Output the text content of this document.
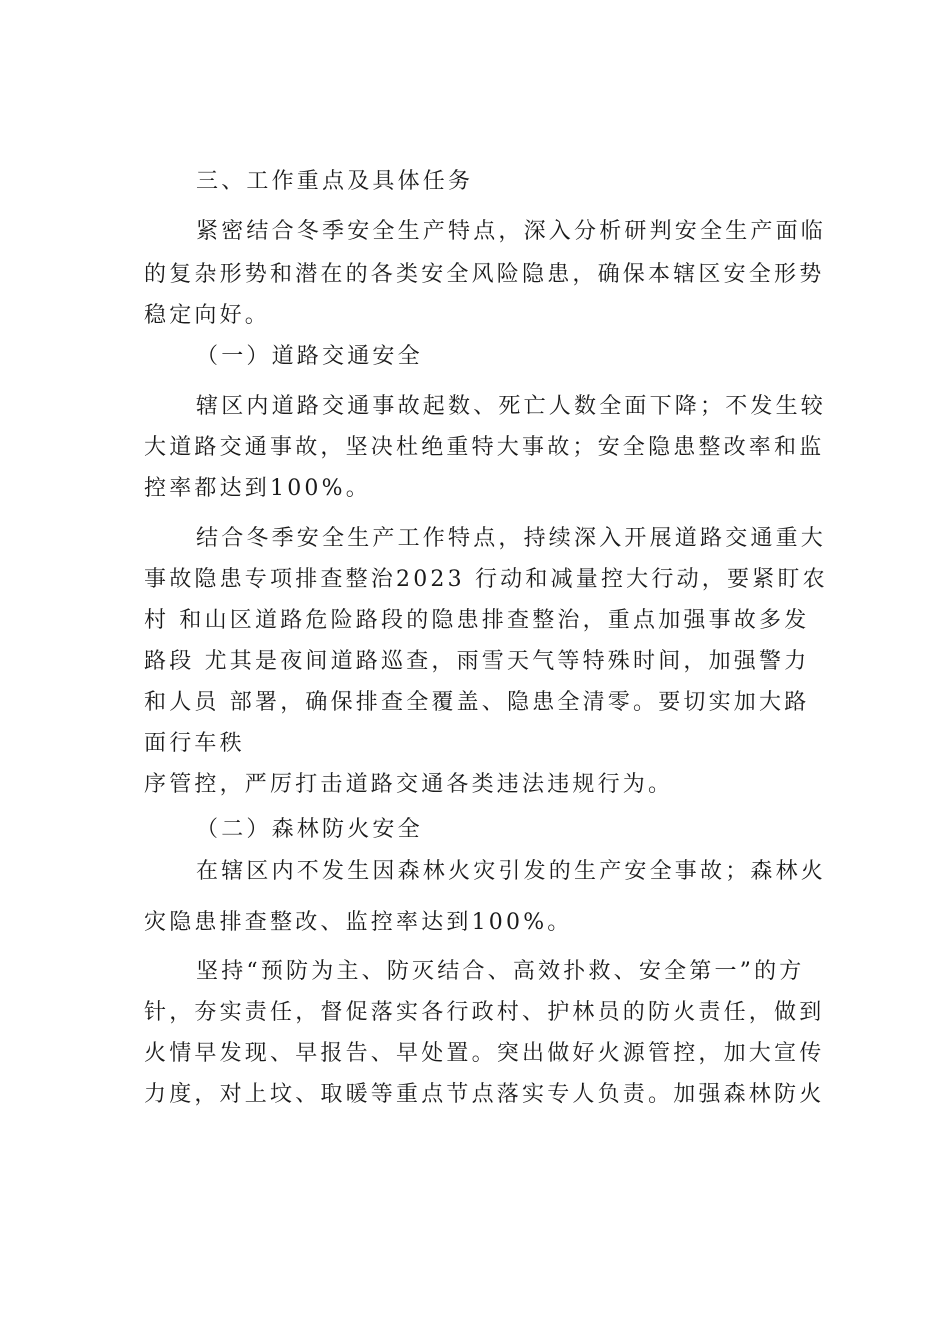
三、工作重点及具体任务
紧密结合冬季安全生产特点，深入分析研判安全生产面临
的复杂形势和潜在的各类安全风险隐患，确保本辖区安全形势
稳定向好。
（一）道路交通安全
辖区内道路交通事故起数、死亡人数全面下降；不发生较
大道路交通事故，坚决杜绝重特大事故；安全隐患整改率和监
控率都达到100%。
结合冬季安全生产工作特点，持续深入开展道路交通重大
事故隐患专项排查整治2023 行动和减量控大行动，要紧盯农
村 和山区道路危险路段的隐患排查整治，重点加强事故多发
路段 尤其是夜间道路巡查，雨雪天气等特殊时间，加强警力
和人员 部署，确保排查全覆盖、隐患全清零。要切实加大路
面行车秩
序管控，严厉打击道路交通各类违法违规行为。
（二）森林防火安全
在辖区内不发生因森林火灾引发的生产安全事故；森林火
灾隐患排查整改、监控率达到100%。
坚持“预防为主、防灭结合、高效扑救、安全第一”的方
针，夯实责任，督促落实各行政村、护林员的防火责任，做到
火情早发现、早报告、早处置。突出做好火源管控，加大宣传
力度，对上坟、取暖等重点节点落实专人负责。加强森林防火
